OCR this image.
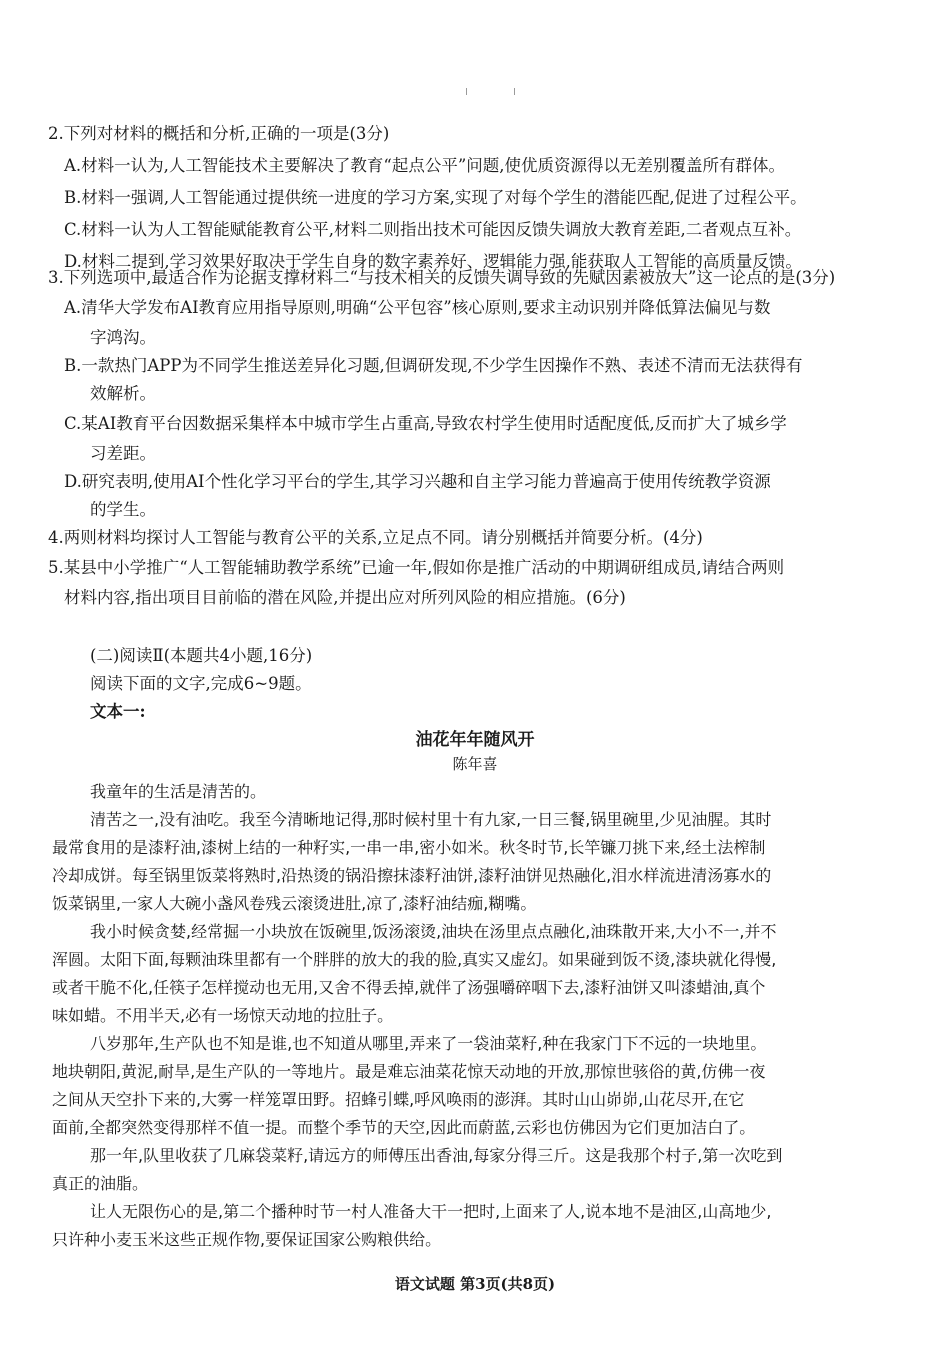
2.下列对材料的概括和分析,正确的一项是(3分)
A.材料一认为,人工智能技术主要解决了教育“起点公平”问题,使优质资源得以无差别覆盖所有群体。
B.材料一强调,人工智能通过提供统一进度的学习方案,实现了对每个学生的潜能匹配,促进了过程公平。
C.材料一认为人工智能赋能教育公平,材料二则指出技术可能因反馈失调放大教育差距,二者观点互补。
D.材料二提到,学习效果好取决于学生自身的数字素养好、逻辑能力强,能获取人工智能的高质量反馈。
3.下列选项中,最适合作为论据支撑材料二“与技术相关的反馈失调导致的先赋因素被放大”这一论点的是(3分)
A.清华大学发布AI教育应用指导原则,明确“公平包容”核心原则,要求主动识别并降低算法偏见与数
字鸿沟。
B.一款热门APP为不同学生推送差异化习题,但调研发现,不少学生因操作不熟、表述不清而无法获得有
效解析。
C.某AI教育平台因数据采集样本中城市学生占重高,导致农村学生使用时适配度低,反而扩大了城乡学
习差距。
D.研究表明,使用AI个性化学习平台的学生,其学习兴趣和自主学习能力普遍高于使用传统教学资源
的学生。
4.两则材料均探讨人工智能与教育公平的关系,立足点不同。请分别概括并简要分析。(4分)
5.某县中小学推广“人工智能辅助教学系统”已逾一年,假如你是推广活动的中期调研组成员,请结合两则
材料内容,指出项目目前临的潜在风险,并提出应对所列风险的相应措施。(6分)
(二)阅读Ⅱ(本题共4小题,16分)
阅读下面的文字,完成6~9题。
文本一:
油花年年随风开
陈年喜
我童年的生活是清苦的。
清苦之一,没有油吃。我至今清晰地记得,那时候村里十有九家,一日三餐,锅里碗里,少见油腥。其时
最常食用的是漆籽油,漆树上结的一种籽实,一串一串,密小如米。秋冬时节,长竿镰刀挑下来,经土法榨制
冷却成饼。每至锅里饭菜将熟时,沿热烫的锅沿擦抹漆籽油饼,漆籽油饼见热融化,泪水样流进清汤寡水的
饭菜锅里,一家人大碗小盏风卷残云滚烫进肚,凉了,漆籽油结痂,糊嘴。
我小时候贪婪,经常掘一小块放在饭碗里,饭汤滚烫,油块在汤里点点融化,油珠散开来,大小不一,并不
浑圆。太阳下面,每颗油珠里都有一个胖胖的放大的我的脸,真实又虚幻。如果碰到饭不烫,漆块就化得慢,
或者干脆不化,任筷子怎样搅动也无用,又舍不得丢掉,就伴了汤强嚼碎咽下去,漆籽油饼又叫漆蜡油,真个
味如蜡。不用半天,必有一场惊天动地的拉肚子。
八岁那年,生产队也不知是谁,也不知道从哪里,弄来了一袋油菜籽,种在我家门下不远的一块地里。
地块朝阳,黄泥,耐旱,是生产队的一等地片。最是难忘油菜花惊天动地的开放,那惊世骇俗的黄,仿佛一夜
之间从天空扑下来的,大雾一样笼罩田野。招蜂引蝶,呼风唤雨的澎湃。其时山山峁峁,山花尽开,在它
面前,全都突然变得那样不值一提。而整个季节的天空,因此而蔚蓝,云彩也仿佛因为它们更加洁白了。
那一年,队里收获了几麻袋菜籽,请远方的师傅压出香油,每家分得三斤。这是我那个村子,第一次吃到
真正的油脂。
让人无限伤心的是,第二个播种时节一村人准备大干一把时,上面来了人,说本地不是油区,山高地少,
只许种小麦玉米这些正规作物,要保证国家公购粮供给。
语文试题 第3页(共8页)
